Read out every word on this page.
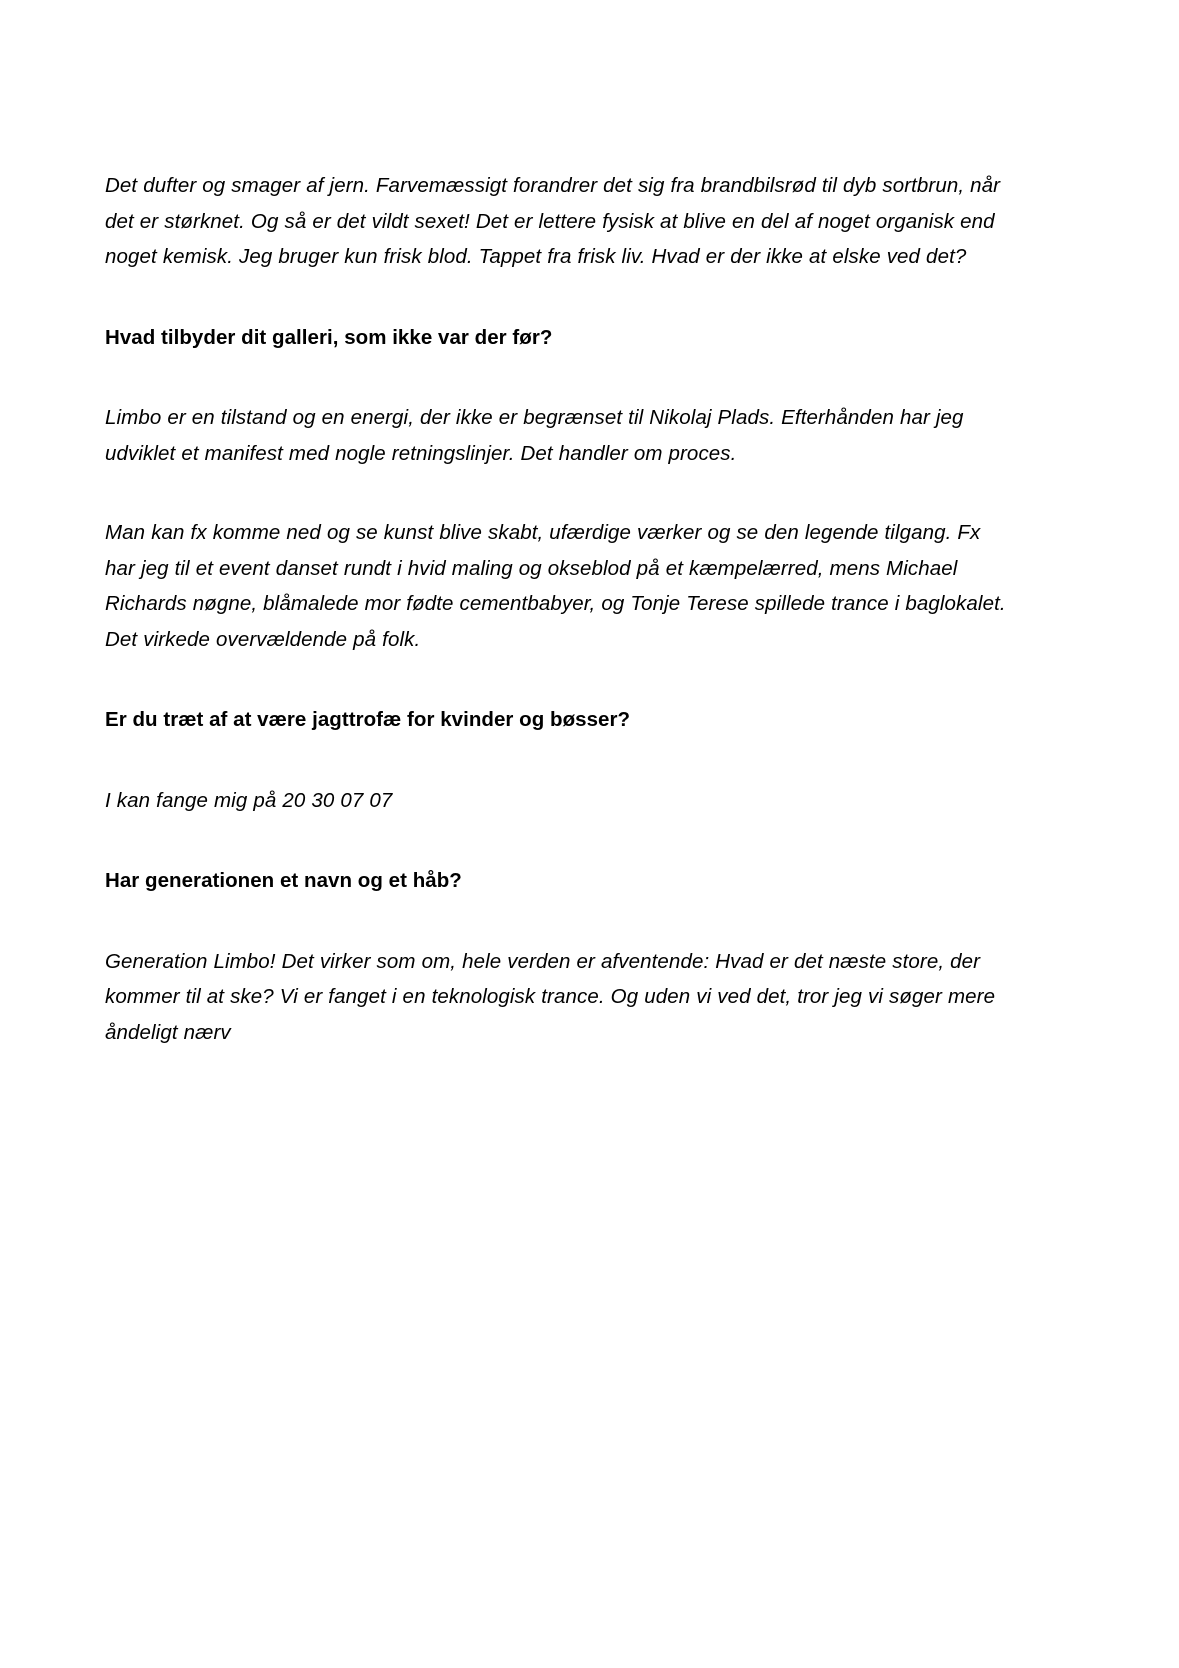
Det dufter og smager af jern. Farvemæssigt forandrer det sig fra brandbilsrød til dyb sortbrun, når det er størknet. Og så er det vildt sexet! Det er lettere fysisk at blive en del af noget organisk end noget kemisk. Jeg bruger kun frisk blod. Tappet fra frisk liv. Hvad er der ikke at elske ved det?

Hvad tilbyder dit galleri, som ikke var der før?

Limbo er en tilstand og en energi, der ikke er begrænset til Nikolaj Plads. Efterhånden har jeg udviklet et manifest med nogle retningslinjer. Det handler om proces.

Man kan fx komme ned og se kunst blive skabt, ufærdige værker og se den legende tilgang. Fx har jeg til et event danset rundt i hvid maling og okseblod på et kæmpelærred, mens Michael Richards nøgne, blåmalede mor fødte cementbabyer, og Tonje Terese spillede trance i baglokalet. Det virkede overvældende på folk.

Er du træt af at være jagttrofæ for kvinder og bøsser?

I kan fange mig på 20 30 07 07

Har generationen et navn og et håb?

Generation Limbo! Det virker som om, hele verden er afventende: Hvad er det næste store, der kommer til at ske? Vi er fanget i en teknologisk trance. Og uden vi ved det, tror jeg vi søger mere åndeligt nærv
